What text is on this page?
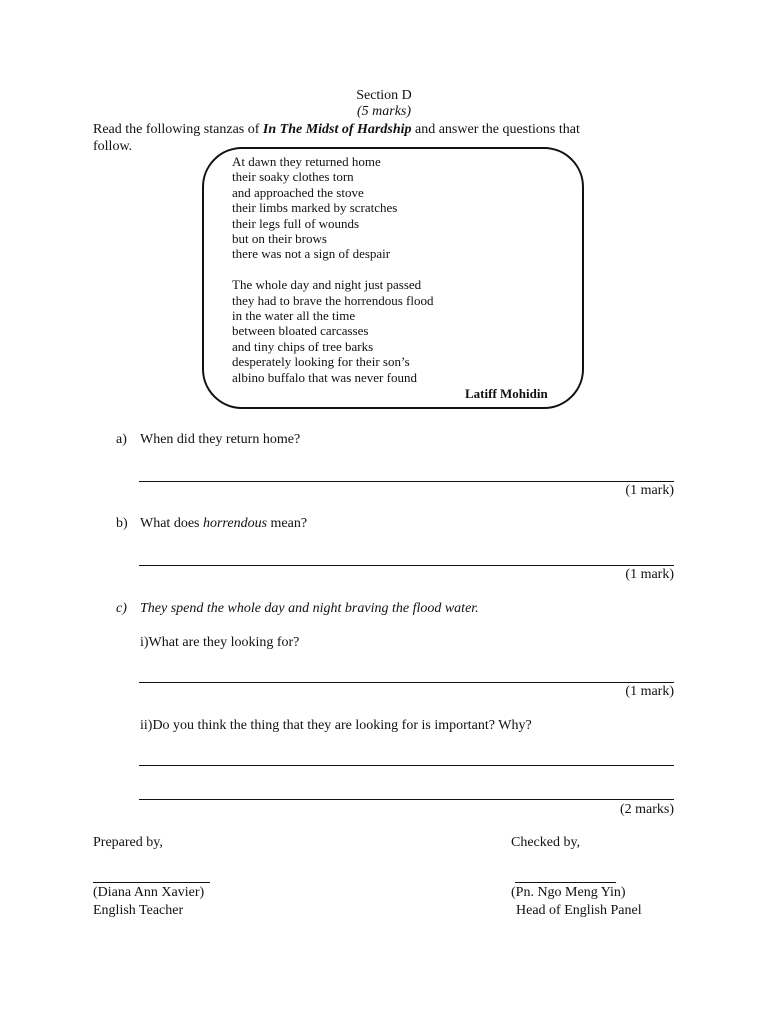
Section D
(5 marks)
Read the following stanzas of In The Midst of Hardship and answer the questions that
follow.
At dawn they returned home
their soaky clothes torn
and approached the stove
their limbs marked by scratches
their legs full of wounds
but on their brows
there was not a sign of despair
The whole day and night just passed
they had to brave the horrendous flood
in the water all the time
between bloated carcasses
and tiny chips of tree barks
desperately looking for their son’s
albino buffalo that was never found
Latiff Mohidin
a) When did they return home?
(1 mark)
b) What does horrendous mean?
(1 mark)
c) They spend the whole day and night braving the flood water.
i)What are they looking for?
(1 mark)
ii)Do you think the thing that they are looking for is important? Why?
(2 marks)
Prepared by,
(Diana Ann Xavier)
English Teacher
Checked by,
(Pn. Ngo Meng Yin)
Head of English Panel
